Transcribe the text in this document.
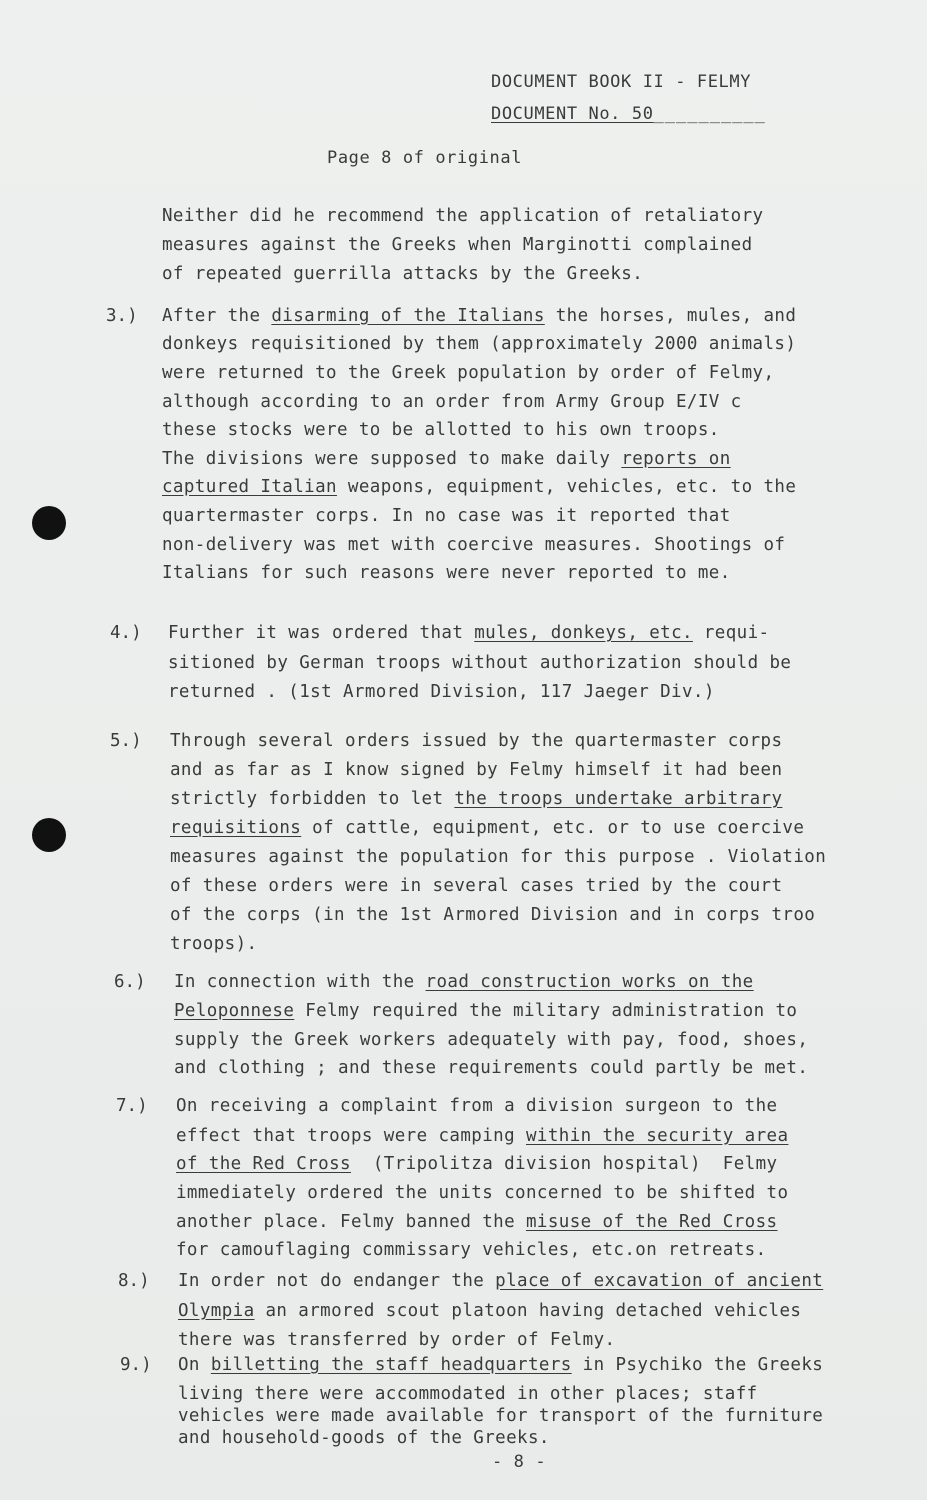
DOCUMENT BOOK II - FELMY
DOCUMENT No. 50__________
Page 8 of original
Neither did he recommend the application of retaliatory
measures against the Greeks when Marginotti complained
of repeated guerrilla attacks by the Greeks.
3.) After the disarming of the Italians the horses, mules, and
donkeys requisitioned by them (approximately 2000 animals)
were returned to the Greek population by order of Felmy,
although according to an order from Army Group E/IV c
these stocks were to be allotted to his own troops.
The divisions were supposed to make daily reports on
captured Italian weapons, equipment, vehicles, etc. to the
quartermaster corps. In no case was it reported that
non-delivery was met with coercive measures. Shootings of
Italians for such reasons were never reported to me.
4.) Further it was ordered that mules, donkeys, etc. requi-
sitioned by German troops without authorization should be
returned . (1st Armored Division, 117 Jaeger Div.)
5.) Through several orders issued by the quartermaster corps
and as far as I know signed by Felmy himself it had been
strictly forbidden to let the troops undertake arbitrary
requisitions of cattle, equipment, etc. or to use coercive
measures against the population for this purpose . Violation
of these orders were in several cases tried by the court
of the corps (in the 1st Armored Division and in corps troo
troops).
6.) In connection with the road construction works on the
Peloponnese Felmy required the military administration to
supply the Greek workers adequately with pay, food, shoes,
and clothing ; and these requirements could partly be met.
7.) On receiving a complaint from a division surgeon to the
effect that troops were camping within the security area
of the Red Cross  (Tripolitza division hospital)  Felmy
immediately ordered the units concerned to be shifted to
another place. Felmy banned the misuse of the Red Cross
for camouflaging commissary vehicles, etc.on retreats.
8.) In order not do endanger the place of excavation of ancient
Olympia an armored scout platoon having detached vehicles
there was transferred by order of Felmy.
9.) On billetting the staff headquarters in Psychiko the Greeks
living there were accommodated in other places; staff
vehicles were made available for transport of the furniture
and household-goods of the Greeks.
- 8 -
